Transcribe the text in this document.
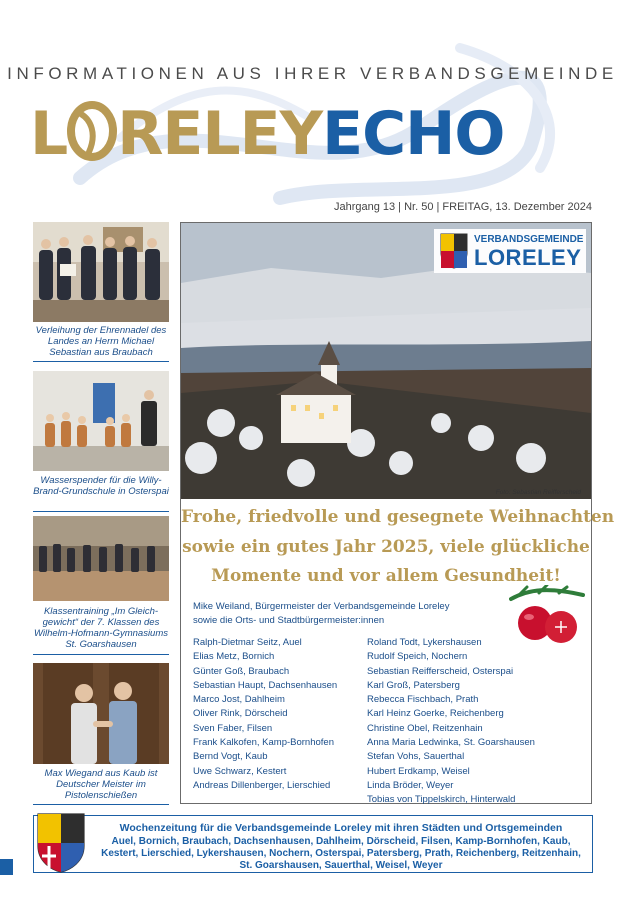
INFORMATIONEN AUS IHRER VERBANDSGEMEINDE
L RELEYECHO
Jahrgang 13 | Nr. 50 | FREITAG, 13. Dezember 2024
Verleihung der Ehrennadel des Landes an Herrn Michael Sebastian aus Braubach
Wasserspender für die Willy-Brand-Grundschule in Osterspai
Klassentraining „Im Gleich-gewicht“ der 7. Klassen des Wilhelm-Hofmann-Gymnasiums St. Goarshausen
Max Wiegand aus Kaub ist Deutscher Meister im Pistolenschießen
VERBANDSGEMEINDE
LORELEY
Foto: Sebastian Reifferscheid
Frohe, friedvolle und gesegnete Weihnachten
sowie ein gutes Jahr 2025, viele glückliche
Momente und vor allem Gesundheit!
Mike Weiland, Bürgermeister der Verbandsgemeinde Loreley
sowie die Orts- und Stadtbürgermeister:innen
Ralph-Dietmar Seitz, Auel
Elias Metz, Bornich
Günter Goß, Braubach
Sebastian Haupt, Dachsenhausen
Marco Jost, Dahlheim
Oliver Rink, Dörscheid
Sven Faber, Filsen
Frank Kalkofen, Kamp-Bornhofen
Bernd Vogt, Kaub
Uwe Schwarz, Kestert
Andreas Dillenberger, Lierschied
Roland Todt, Lykershausen
Rudolf Speich, Nochern
Sebastian Reifferscheid, Osterspai
Karl Groß, Patersberg
Rebecca Fischbach, Prath
Karl Heinz Goerke, Reichenberg
Christine Obel, Reitzenhain
Anna Maria Ledwinka, St. Goarshausen
Stefan Vohs, Sauerthal
Hubert Erdkamp, Weisel
Linda Bröder, Weyer
Tobias von Tippelskirch, Hinterwald
Wochenzeitung für die Verbandsgemeinde Loreley mit ihren Städten und Ortsgemeinden
Auel, Bornich, Braubach, Dachsenhausen, Dahlheim, Dörscheid, Filsen, Kamp-Bornhofen, Kaub, Kestert, Lierschied, Lykershausen, Nochern, Osterspai, Patersberg, Prath, Reichenberg, Reitzenhain, St. Goarshausen, Sauerthal, Weisel, Weyer
